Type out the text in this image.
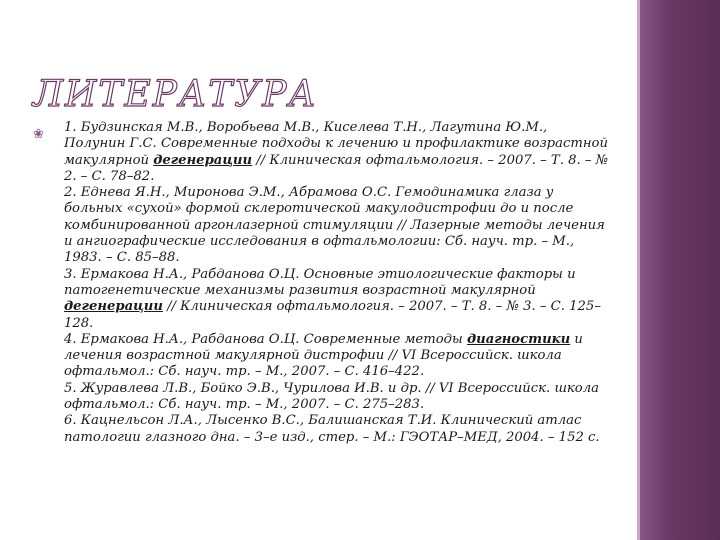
ЛИТЕРАТУРА
❀ 1. Будзинская М.В., Воробьева М.В., Киселева Т.Н., Лагутина Ю.М., Полунин Г.С. Современные подходы к лечению и профилактике возрастной макулярной дегенерации // Клиническая офтальмология. – 2007. – Т. 8. – № 2. – С. 78–82.
2. Еднева Я.Н., Миронова Э.М., Абрамова О.С. Гемодинамика глаза у больных «сухой» формой склеротической макулодистрофии до и после комбинированной аргонлазерной стимуляции // Лазерные методы лечения и ангиографические исследования в офтальмологии: Сб. науч. тр. – М., 1983. – С. 85–88.
3. Ермакова Н.А., Рабданова О.Ц. Основные этиологические факторы и патогенетические механизмы развития возрастной макулярной дегенерации // Клиническая офтальмология. – 2007. – Т. 8. – № 3. – С. 125–128.
4. Ермакова Н.А., Рабданова О.Ц. Современные методы диагностики и лечения возрастной макулярной дистрофии // VI Всероссийск. школа офтальмол.: Сб. науч. тр. – М., 2007. – С. 416–422.
5. Журавлева Л.В., Бойко Э.В., Чурилова И.В. и др. // VI Всероссийск. школа офтальмол.: Сб. науч. тр. – М., 2007. – С. 275–283.
6. Кацнельсон Л.А., Лысенко В.С., Балишанская Т.И. Клинический атлас патологии глазного дна. – 3–е изд., стер. – М.: ГЭОТАР–МЕД, 2004. – 152 с.
